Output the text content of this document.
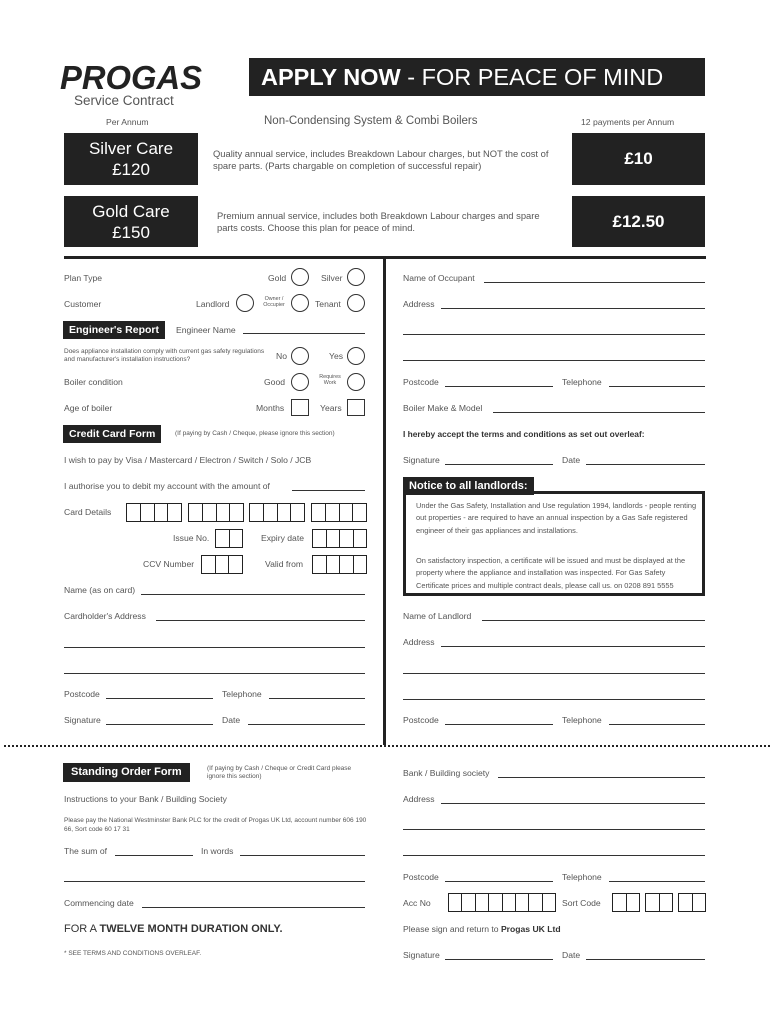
PROGAS
Service Contract
APPLY NOW - FOR PEACE OF MIND
Per Annum	Non-Condensing System & Combi Boilers	12 payments per Annum
Silver Care
£120
Quality annual service, includes Breakdown Labour charges, but NOT the cost of spare parts. (Parts chargable on completion of successful repair)	£10
Gold Care
£150
Premium annual service, includes both Breakdown Labour charges and spare parts costs. Choose this plan for peace of mind.	£12.50
Plan Type	Gold	Silver
Customer	Landlord	Owner / Occupier	Tenant
Engineer's Report	Engineer Name
Does appliance installation comply with current gas safety regulations and manufacturer's installation instructions?	No	Yes
Boiler condition	Good	Requires Work
Age of boiler	Months	Years
Credit Card Form	(If paying by Cash / Cheque, please ignore this section)
I wish to pay by Visa / Mastercard / Electron / Switch / Solo / JCB
I authorise you to debit my account with the amount of
Card Details
Issue No.	Expiry date
CCV Number	Valid from
Name (as on card)
Cardholder's Address
Postcode	Telephone
Signature	Date
Name of Occupant
Address
Postcode	Telephone
Boiler Make & Model
I hereby accept the terms and conditions as set out overleaf:
Signature	Date
Notice to all landlords:
Under the Gas Safety, Installation and Use regulation 1994, landlords - people renting out properties - are required to have an annual inspection by a Gas Safe registered engineer of their gas appliances and installations.
On satisfactory inspection, a certificate will be issued and must be displayed at the property where the appliance and installation was inspected. For Gas Safety Certificate prices and multiple contract deals, please call us. on 0208 891 5555
Name of Landlord
Address
Postcode	Telephone
Standing Order Form	(If paying by Cash / Cheque or Credit Card please ignore this section)
Instructions to your Bank / Building Society
Please pay the National Westminster Bank PLC for the credit of Progas UK Ltd, account number 606 190 66, Sort code 60 17 31
The sum of	In words
Commencing date
FOR A TWELVE MONTH DURATION ONLY.
* SEE TERMS AND CONDITIONS OVERLEAF.
Bank / Building society
Address
Postcode	Telephone
Acc No	Sort Code
Please sign and return to Progas UK Ltd
Signature	Date
